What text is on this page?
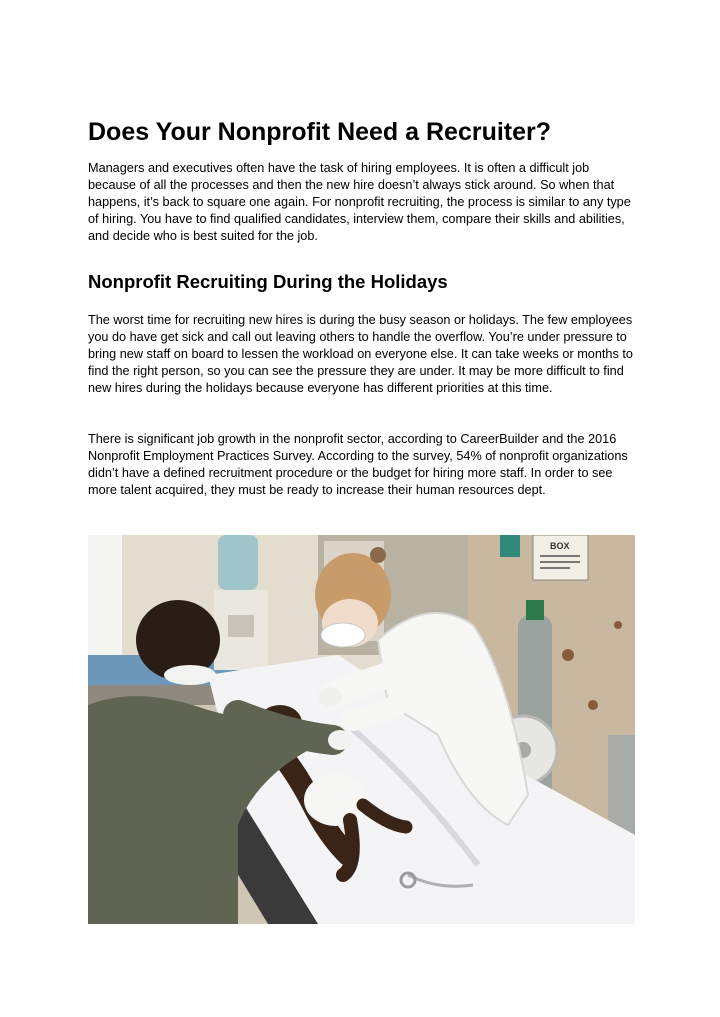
Does Your Nonprofit Need a Recruiter?

Managers and executives often have the task of hiring employees. It is often a difficult job because of all the processes and then the new hire doesn’t always stick around. So when that happens, it’s back to square one again. For nonprofit recruiting, the process is similar to any type of hiring. You have to find qualified candidates, interview them, compare their skills and abilities, and decide who is best suited for the job.

Nonprofit Recruiting During the Holidays

The worst time for recruiting new hires is during the busy season or holidays. The few employees you do have get sick and call out leaving others to handle the overflow. You’re under pressure to bring new staff on board to lessen the workload on everyone else. It can take weeks or months to find the right person, so you can see the pressure they are under. It may be more difficult to find new hires during the holidays because everyone has different priorities at this time.

There is significant job growth in the nonprofit sector, according to CareerBuilder and the 2016 Nonprofit Employment Practices Survey. According to the survey, 54% of nonprofit organizations didn’t have a defined recruitment procedure or the budget for hiring more staff. In order to see more talent acquired, they must be ready to increase their human resources dept.

BOX
